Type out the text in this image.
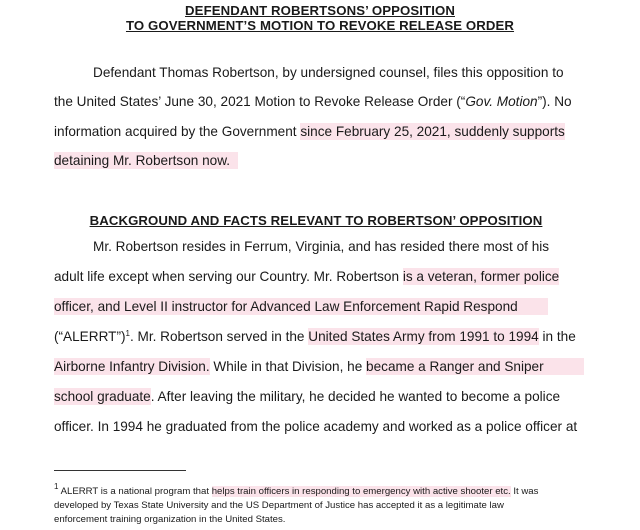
DEFENDANT ROBERTSONS’ OPPOSITION
TO GOVERNMENT’S MOTION TO REVOKE RELEASE ORDER
Defendant Thomas Robertson, by undersigned counsel, files this opposition to
the United States’ June 30, 2021 Motion to Revoke Release Order (“Gov. Motion”). No
information acquired by the Government since February 25, 2021, suddenly supports
detaining Mr. Robertson now.
BACKGROUND AND FACTS RELEVANT TO ROBERTSON’ OPPOSITION
Mr. Robertson resides in Ferrum, Virginia, and has resided there most of his
adult life except when serving our Country. Mr. Robertson is a veteran, former police
officer, and Level II instructor for Advanced Law Enforcement Rapid Respond
(“ALERRT”)$^1$. Mr. Robertson served in the United States Army from 1991 to 1994 in the
Airborne Infantry Division. While in that Division, he became a Ranger and Sniper
school graduate. After leaving the military, he decided he wanted to become a police
officer. In 1994 he graduated from the police academy and worked as a police officer at
$^1$ ALERRT is a national program that helps train officers in responding to emergency with active shooter etc. It was
developed by Texas State University and the US Department of Justice has accepted it as a legitimate law
enforcement training organization in the United States.
